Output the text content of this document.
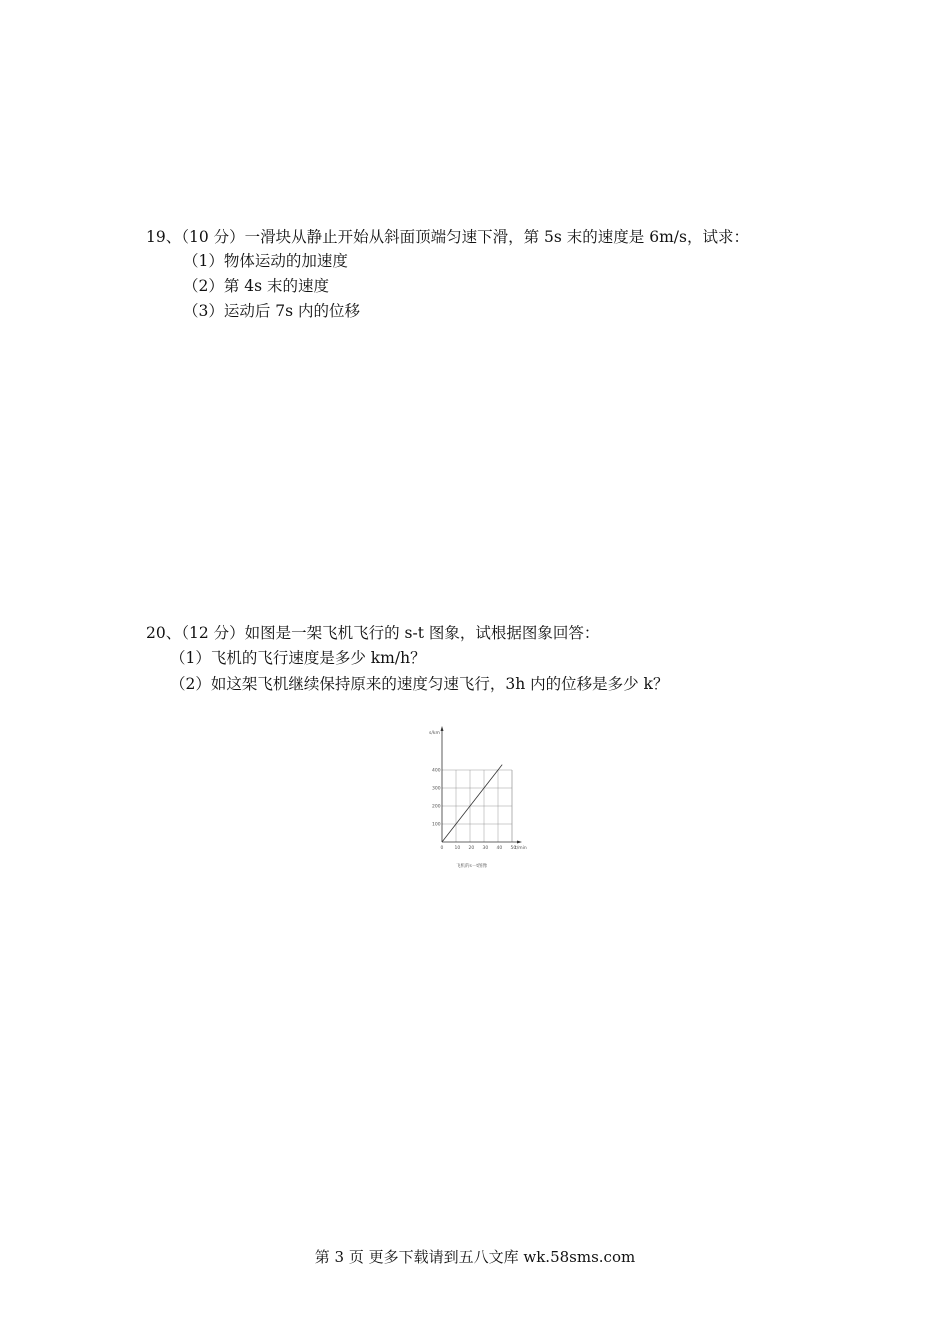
19、（10 分）一滑块从静止开始从斜面顶端匀速下滑，第 5s 末的速度是 6m/s，试求：
（1）物体运动的加速度
（2）第 4s 末的速度
（3）运动后 7s 内的位移
20、（12 分）如图是一架飞机飞行的 s-t 图象，试根据图象回答：
（1）飞机的飞行速度是多少 km/h？
（2）如这架飞机继续保持原来的速度匀速飞行，3h 内的位移是多少 k？
s/km
t/min
0 10 20 30 40 50
100
200
300
400
飞机的s－t图像
第 3 页 更多下载请到五八文库 wk.58sms.com
